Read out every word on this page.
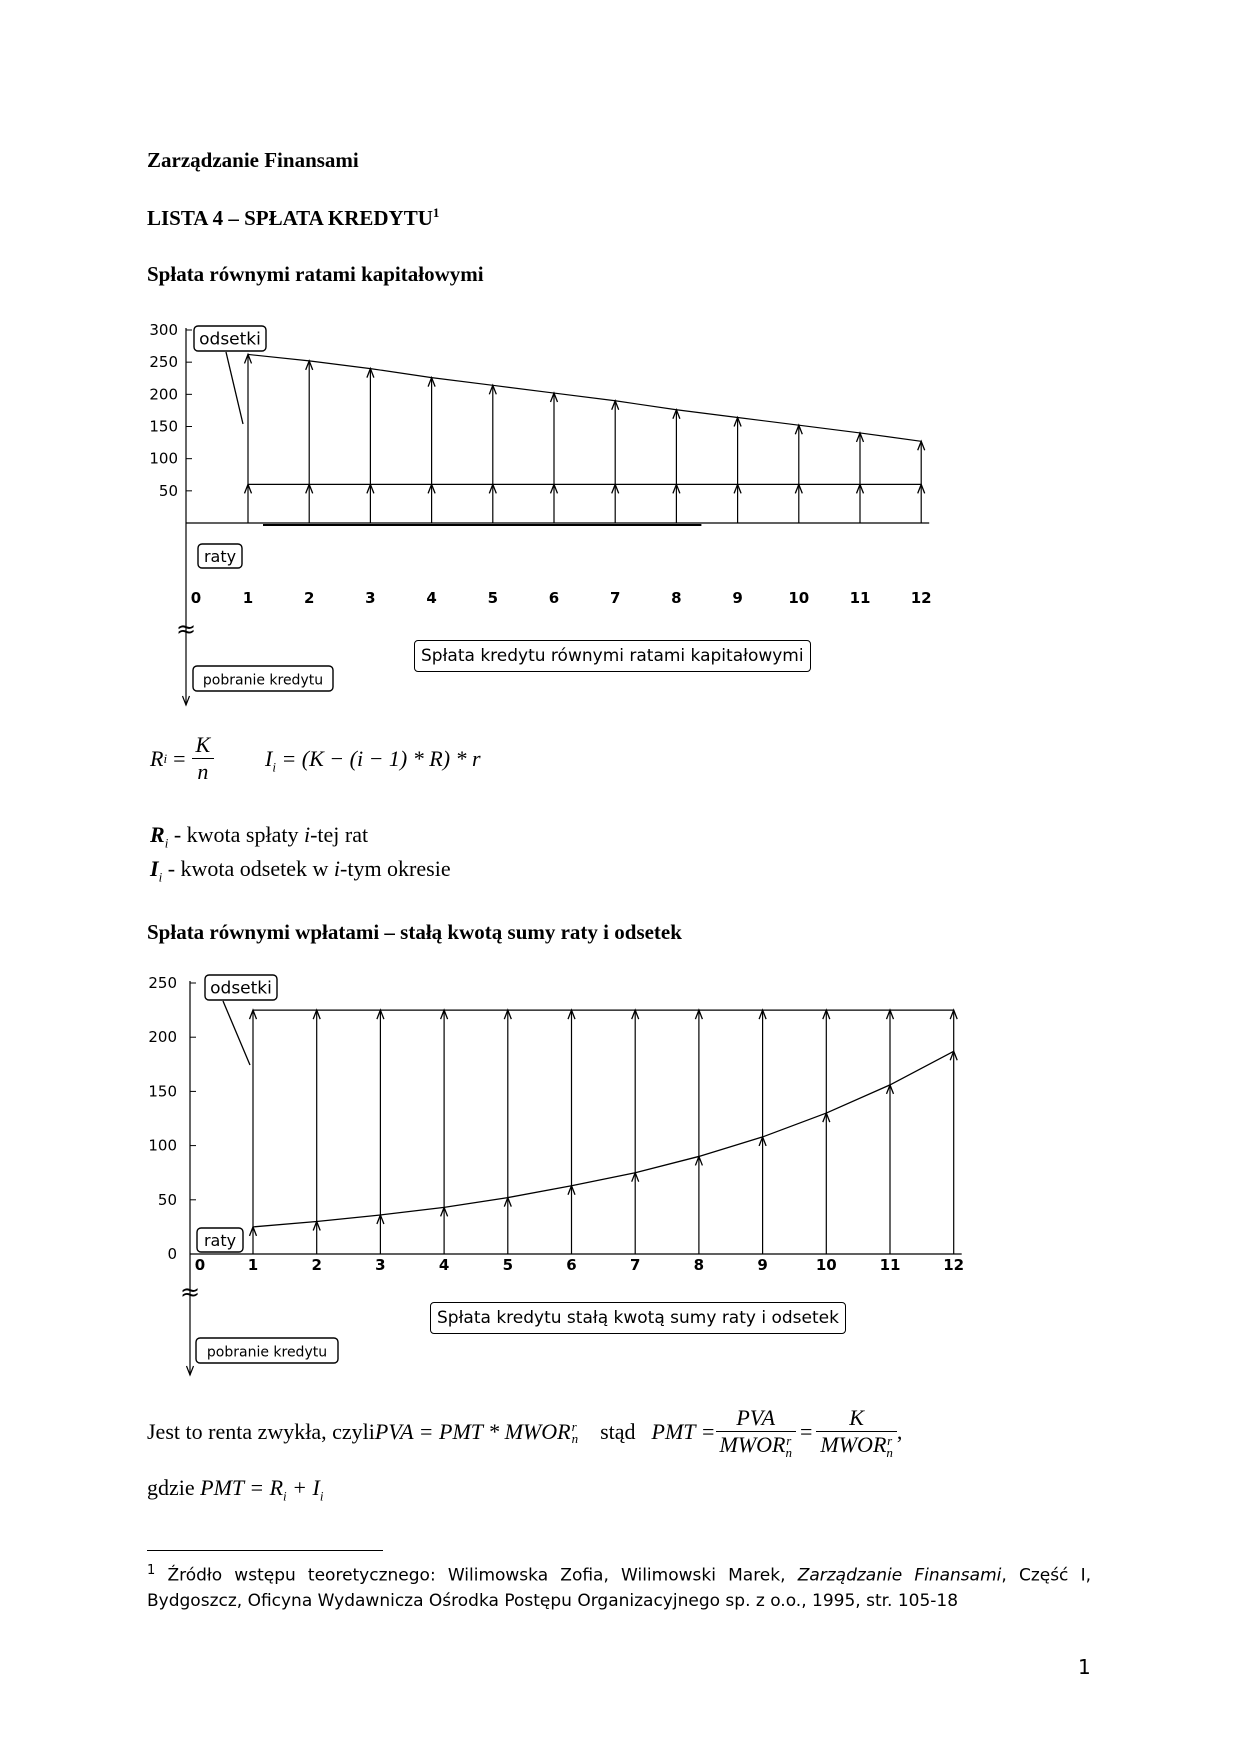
Zarządzanie Finansami
LISTA 4 – SPŁATA KREDYTU$^1$
Spłata równymi ratami kapitałowymi
50
100
150
200
250
300
0	1	2	3	4	5	6	7	8	9	10	11	12
odsetki
raty
pobranie kredytu
≈
Spłata kredytu równymi ratami kapitałowymi
R $i = \frac{K}{n} I_i = (K - (i - 1) * R) * r$
$R_i$ - kwota spłaty i-tej rat
$I_i$ - kwota odsetek w i-tym okresie
Spłata równymi wpłatami – stałą kwotą sumy raty i odsetek
0
50
100
150
200
250
0	1	2	3	4	5	6	7	8	9	10	11	12
odsetki
raty
pobranie kredytu
≈
Spłata kredytu stałą kwotą sumy raty i odsetek
Jest to renta zwykła, czyli PVA = PMT * MWOR r
n stąd PMT = PVA
MWOR r
n = K
MWOR r
n ,
gdzie PMT = $R_i + I_i$
$^1$ Źródło wstępu teoretycznego: Wilimowska Zofia, Wilimowski Marek, Zarządzanie Finansami, Część I, Bydgoszcz, Oficyna Wydawnicza Ośrodka Postępu Organizacyjnego sp. z o.o., 1995, str. 105-18
1
